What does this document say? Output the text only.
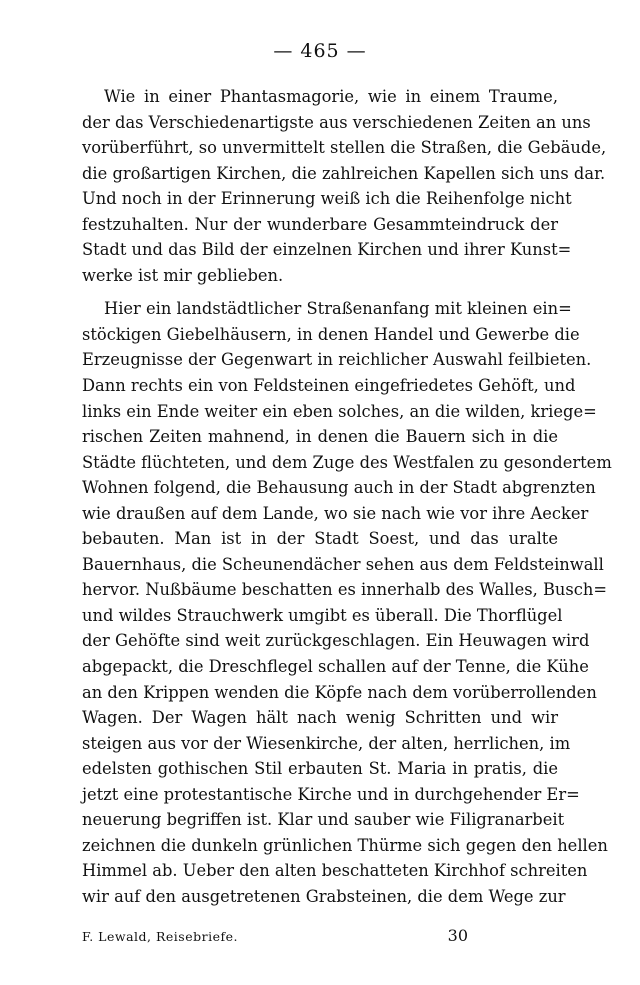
— 465 —
Wie in einer Phantasmagorie, wie in einem Traume,
der das Verschiedenartigste aus verschiedenen Zeiten an uns
vorüberführt, so unvermittelt stellen die Straßen, die Gebäude,
die großartigen Kirchen, die zahlreichen Kapellen sich uns dar.
Und noch in der Erinnerung weiß ich die Reihenfolge nicht
festzuhalten. Nur der wunderbare Gesammteindruck der
Stadt und das Bild der einzelnen Kirchen und ihrer Kunst=
werke ist mir geblieben.
Hier ein landstädtlicher Straßenanfang mit kleinen ein=
stöckigen Giebelhäusern, in denen Handel und Gewerbe die
Erzeugnisse der Gegenwart in reichlicher Auswahl feilbieten.
Dann rechts ein von Feldsteinen eingefriedetes Gehöft, und
links ein Ende weiter ein eben solches, an die wilden, kriege=
rischen Zeiten mahnend, in denen die Bauern sich in die
Städte flüchteten, und dem Zuge des Westfalen zu gesondertem
Wohnen folgend, die Behausung auch in der Stadt abgrenzten
wie draußen auf dem Lande, wo sie nach wie vor ihre Aecker
bebauten. Man ist in der Stadt Soest, und das uralte
Bauernhaus, die Scheunendächer sehen aus dem Feldsteinwall
hervor. Nußbäume beschatten es innerhalb des Walles, Busch=
und wildes Strauchwerk umgibt es überall. Die Thorflügel
der Gehöfte sind weit zurückgeschlagen. Ein Heuwagen wird
abgepackt, die Dreschflegel schallen auf der Tenne, die Kühe
an den Krippen wenden die Köpfe nach dem vorüberrollenden
Wagen. Der Wagen hält nach wenig Schritten und wir
steigen aus vor der Wiesenkirche, der alten, herrlichen, im
edelsten gothischen Stil erbauten St. Maria in pratis, die
jetzt eine protestantische Kirche und in durchgehender Er=
neuerung begriffen ist. Klar und sauber wie Filigranarbeit
zeichnen die dunkeln grünlichen Thürme sich gegen den hellen
Himmel ab. Ueber den alten beschatteten Kirchhof schreiten
wir auf den ausgetretenen Grabsteinen, die dem Wege zur
F. Lewald, Reisebriefe.	30
